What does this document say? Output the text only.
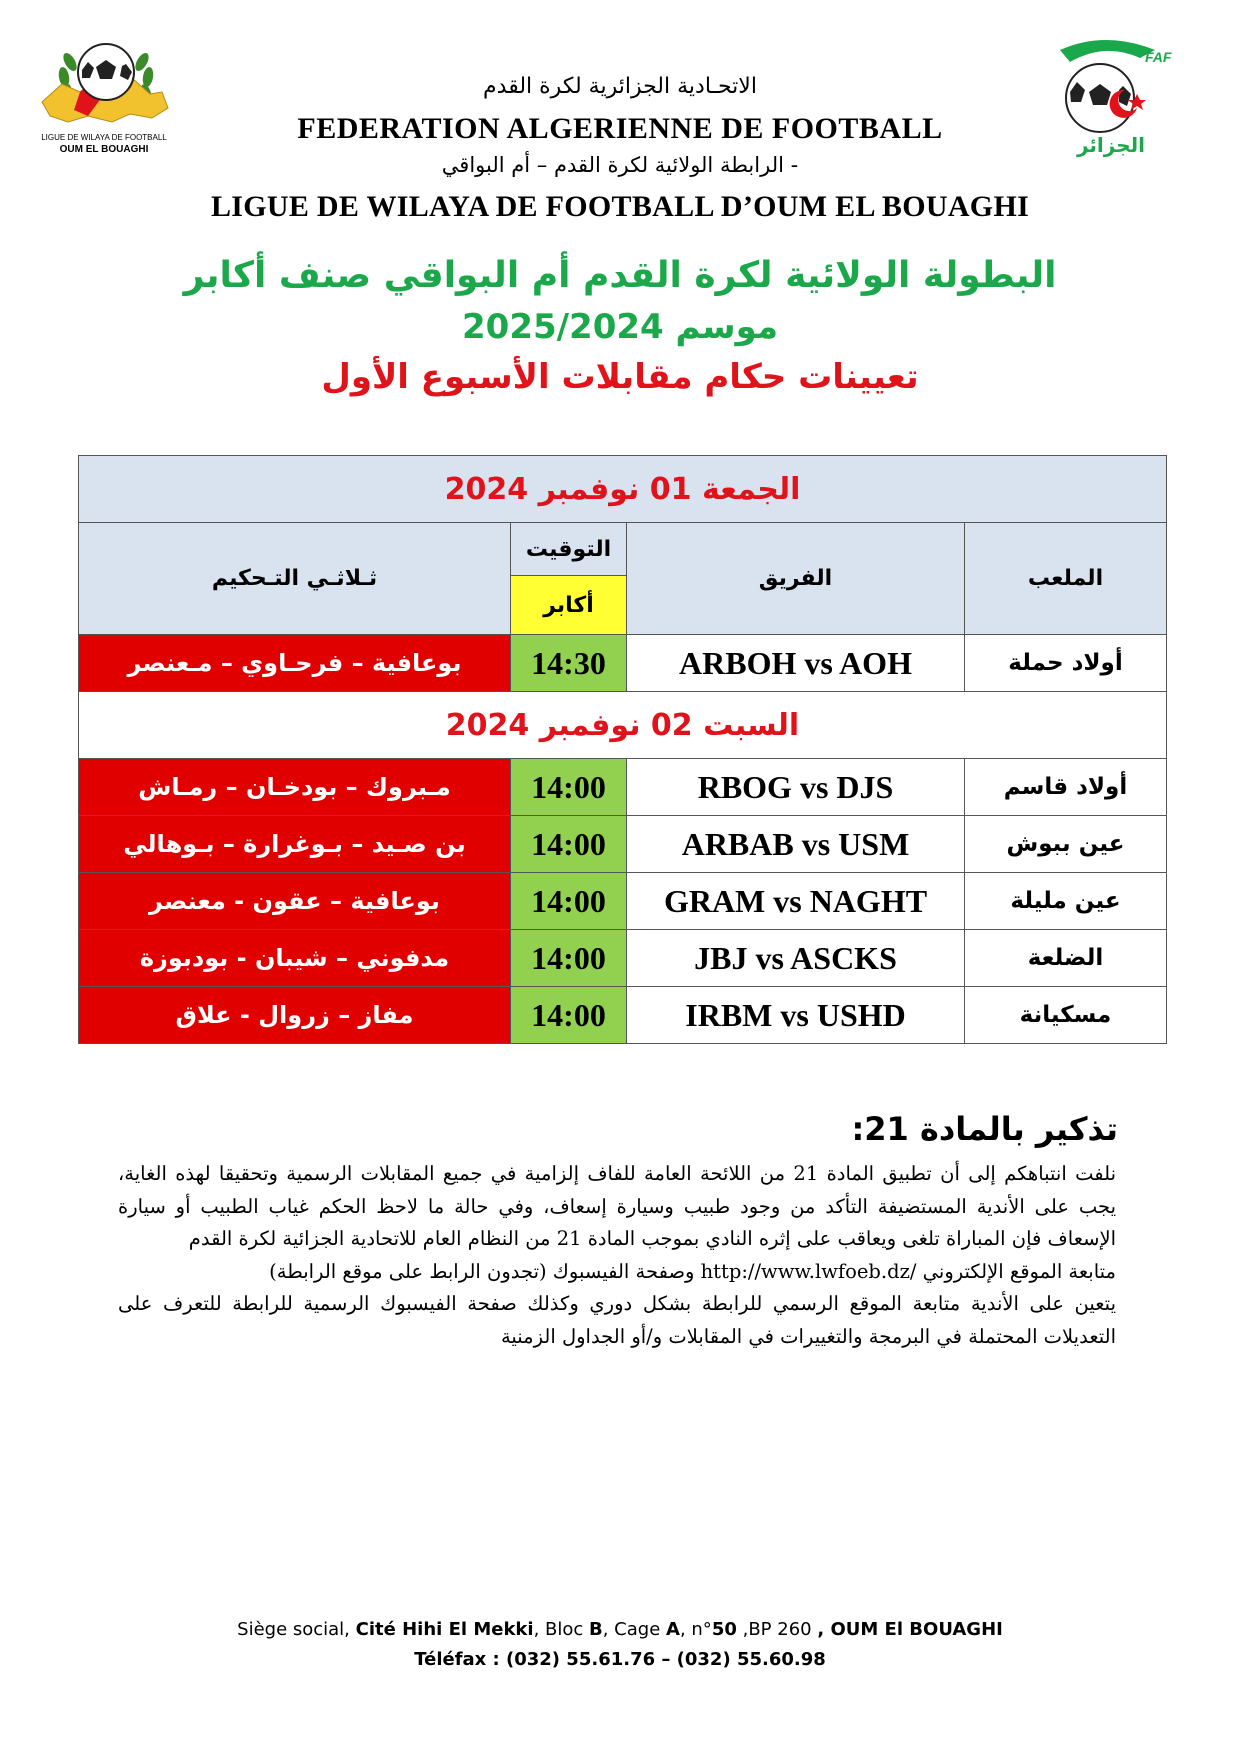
LIGUE DE WILAYA DE FOOTBALL
OUM EL BOUAGHI
FAF
الجزائر
الاتحـادية الجزائرية لكرة القدم
FEDERATION ALGERIENNE DE FOOTBALL
الرابطة الولائية لكرة القدم – أم البواقي -
LIGUE DE WILAYA DE FOOTBALL D’OUM EL BOUAGHI
البطولة الولائية لكرة القدم أم البواقي صنف أكابر
موسم 2025/2024
تعيينات حكام مقابلات الأسبوع الأول
الجمعة 01 نوفمبر 2024			
ثـلاثـي التـحكيم	التوقيت	الفريق	الملعب
	أكابر		
بوعافية – فرحـاوي – مـعنصر	14:30	ARBOH vs AOH	أولاد حملة
السبت 02 نوفمبر 2024			
مـبروك – بودخـان – رمـاش	14:00	RBOG vs DJS	أولاد قاسم
بن صـيد – بـوغرارة – بـوهالي	14:00	ARBAB vs USM	عين ببوش
بوعافية – عقون - معنصر	14:00	GRAM vs NAGHT	عين مليلة
مدفوني – شيبان - بودبوزة	14:00	JBJ vs ASCKS	الضلعة
مفاز – زروال - علاق	14:00	IRBM vs USHD	مسكيانة
تذكير بالمادة 21:

نلفت انتباهكم إلى أن تطبيق المادة 21 من اللائحة العامة للفاف إلزامية في جميع المقابلات الرسمية وتحقيقا لهذه الغاية، يجب على الأندية المستضيفة التأكد من وجود طبيب وسيارة إسعاف، وفي حالة ما لاحظ الحكم غياب الطبيب أو سيارة الإسعاف فإن المباراة تلغى ويعاقب على إثره النادي بموجب المادة 21 من النظام العام للاتحادية الجزائية لكرة القدم

متابعة الموقع الإلكتروني /http://www.lwfoeb.dz وصفحة الفيسبوك (تجدون الرابط على موقع الرابطة)

يتعين على الأندية متابعة الموقع الرسمي للرابطة بشكل دوري وكذلك صفحة الفيسبوك الرسمية للرابطة للتعرف على التعديلات المحتملة في البرمجة والتغييرات في المقابلات و/أو الجداول الزمنية

Siège social, Cité Hihi El Mekki, Bloc B, Cage A, n°50 ,BP 260 , OUM El BOUAGHI
Téléfax : (032) 55.61.76 – (032) 55.60.98
